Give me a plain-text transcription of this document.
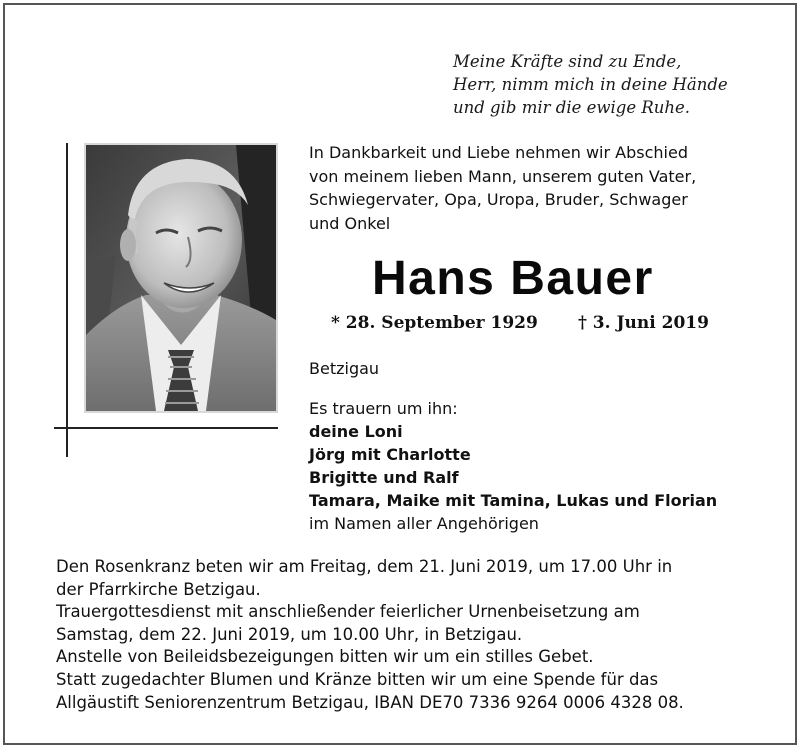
Meine Kräfte sind zu Ende,
Herr, nimm mich in deine Hände
und gib mir die ewige Ruhe.
In Dankbarkeit und Liebe nehmen wir Abschied
von meinem lieben Mann, unserem guten Vater,
Schwiegervater, Opa, Uropa, Bruder, Schwager
und Onkel
Hans Bauer
* 28. September 1929 † 3. Juni 2019
Betzigau
Es trauern um ihn:
deine Loni
Jörg mit Charlotte
Brigitte und Ralf
Tamara, Maike mit Tamina, Lukas und Florian
im Namen aller Angehörigen
Den Rosenkranz beten wir am Freitag, dem 21. Juni 2019, um 17.00 Uhr in
der Pfarrkirche Betzigau.
Trauergottesdienst mit anschließender feierlicher Urnenbeisetzung am
Samstag, dem 22. Juni 2019, um 10.00 Uhr, in Betzigau.
Anstelle von Beileidsbezeigungen bitten wir um ein stilles Gebet.
Statt zugedachter Blumen und Kränze bitten wir um eine Spende für das
Allgäustift Seniorenzentrum Betzigau, IBAN DE70 7336 9264 0006 4328 08.
